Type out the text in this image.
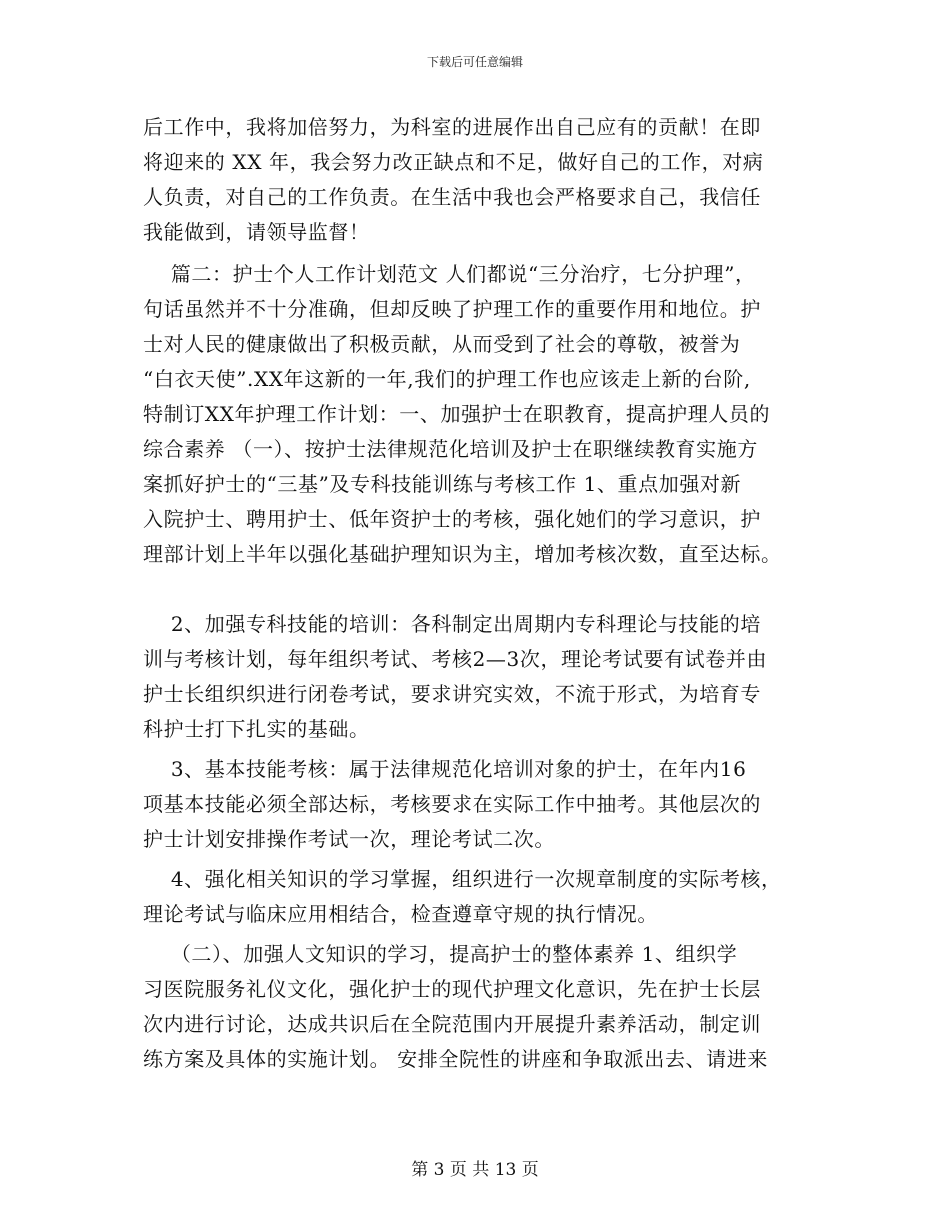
下载后可任意编辑
后工作中，我将加倍努力，为科室的进展作出自己应有的贡献！在即
将迎来的 XX 年，我会努力改正缺点和不足，做好自己的工作，对病
人负责，对自己的工作负责。在生活中我也会严格要求自己，我信任
我能做到，请领导监督！
篇二：护士个人工作计划范文 人们都说“三分治疗，七分护理”，
句话虽然并不十分准确，但却反映了护理工作的重要作用和地位。护
士对人民的健康做出了积极贡献，从而受到了社会的尊敬，被誉为
“白衣天使”.XX年这新的一年,我们的护理工作也应该走上新的台阶,
特制订XX年护理工作计划：一、加强护士在职教育，提高护理人员的
综合素养 （一）、按护士法律规范化培训及护士在职继续教育实施方
案抓好护士的“三基”及专科技能训练与考核工作 1、重点加强对新
入院护士、聘用护士、低年资护士的考核，强化她们的学习意识，护
理部计划上半年以强化基础护理知识为主，增加考核次数，直至达标。
2、加强专科技能的培训：各科制定出周期内专科理论与技能的培
训与考核计划，每年组织考试、考核2—3次，理论考试要有试卷并由
护士长组织织进行闭卷考试，要求讲究实效，不流于形式，为培育专
科护士打下扎实的基础。
3、基本技能考核：属于法律规范化培训对象的护士，在年内16
项基本技能必须全部达标，考核要求在实际工作中抽考。其他层次的
护士计划安排操作考试一次，理论考试二次。
4、强化相关知识的学习掌握，组织进行一次规章制度的实际考核，
理论考试与临床应用相结合，检查遵章守规的执行情况。
（二）、加强人文知识的学习，提高护士的整体素养 1、组织学
习医院服务礼仪文化，强化护士的现代护理文化意识，先在护士长层
次内进行讨论，达成共识后在全院范围内开展提升素养活动，制定训
练方案及具体的实施计划。 安排全院性的讲座和争取派出去、请进来
第 3 页 共 13 页
